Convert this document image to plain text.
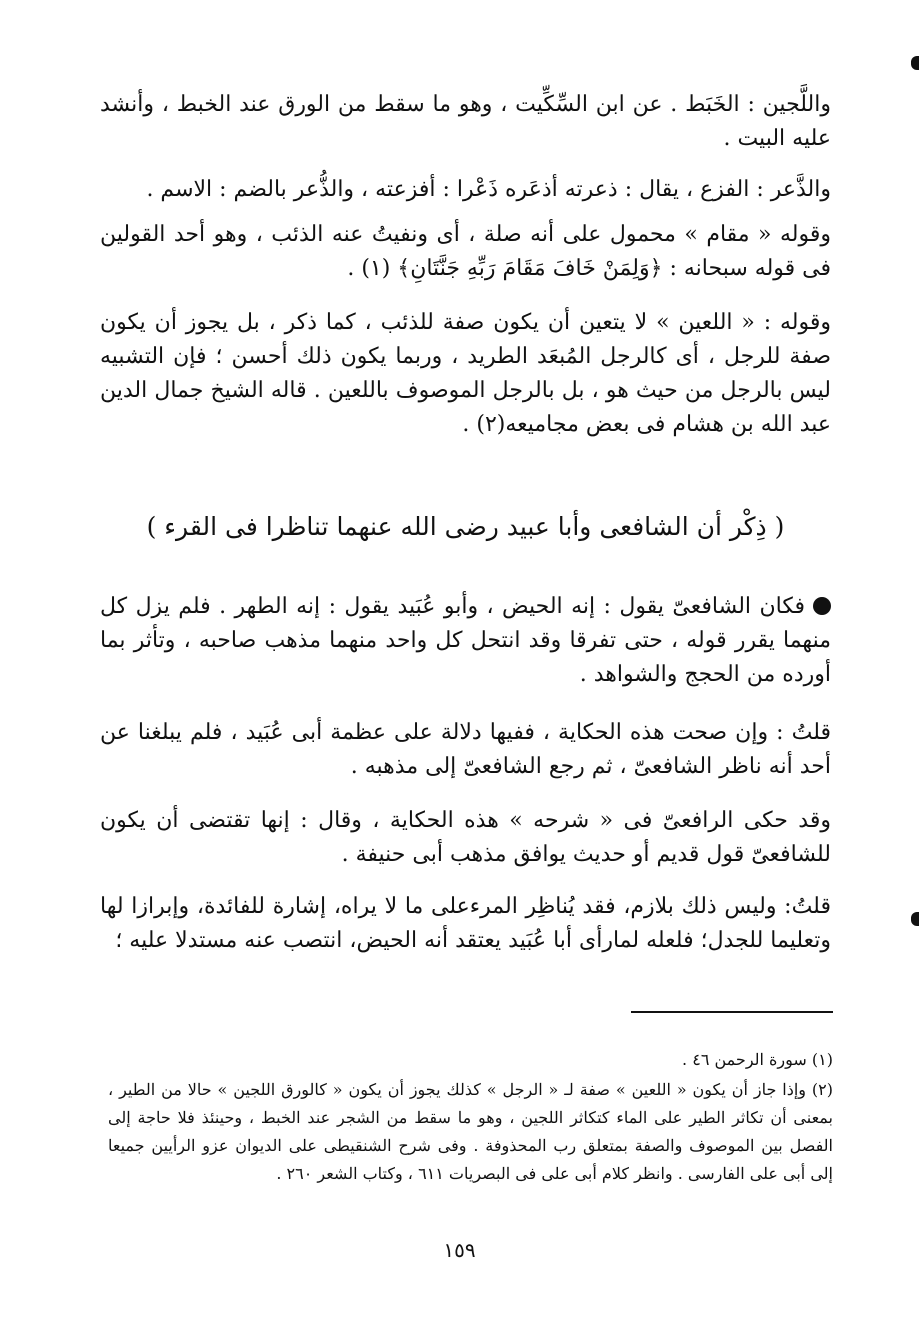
واللَّجين : الخَبَط . عن ابن السِّكِّيت ، وهو ما سقط من الورق عند الخبط ، وأنشد عليه البيت .

والذَّعر : الفزع ، يقال : ذعرته أذعَره ذَعْرا : أفزعته ، والذُّعر بالضم : الاسم .

وقوله « مقام » محمول على أنه صلة ، أى ونفيتُ عنه الذئب ، وهو أحد القولين فى قوله سبحانه : ﴿وَلِمَنْ خَافَ مَقَامَ رَبِّهِ جَنَّتَانِ﴾ (١) .

وقوله : « اللعين » لا يتعين أن يكون صفة للذئب ، كما ذكر ، بل يجوز أن يكون صفة للرجل ، أى كالرجل المُبعَد الطريد ، وربما يكون ذلك أحسن ؛ فإن التشبيه ليس بالرجل من حيث هو ، بل بالرجل الموصوف باللعين . قاله الشيخ جمال الدين عبد الله بن هشام فى بعض مجاميعه(٢) .

( ذِكْر أن الشافعى وأبا عبيد رضى الله عنهما تناظرا فى القرء )

فكان الشافعىّ يقول : إنه الحيض ، وأبو عُبَيد يقول : إنه الطهر . فلم يزل كل منهما يقرر قوله ، حتى تفرقا وقد انتحل كل واحد منهما مذهب صاحبه ، وتأثر بما أورده من الحجج والشواهد .

قلتُ : وإن صحت هذه الحكاية ، ففيها دلالة على عظمة أبى عُبَيد ، فلم يبلغنا عن أحد أنه ناظر الشافعىّ ، ثم رجع الشافعىّ إلى مذهبه .

وقد حكى الرافعىّ فى « شرحه » هذه الحكاية ، وقال : إنها تقتضى أن يكون للشافعىّ قول قديم أو حديث يوافق مذهب أبى حنيفة .

قلتُ: وليس ذلك بلازم، فقد يُناظِر المرءعلى ما لا يراه، إشارة للفائدة، وإبرازا لها وتعليما للجدل؛ فلعله لمارأى أبا عُبَيد يعتقد أنه الحيض، انتصب عنه مستدلا عليه ؛

(١) سورة الرحمن ٤٦ .

(٢) وإذا جاز أن يكون « اللعين » صفة لـ « الرجل » كذلك يجوز أن يكون « كالورق اللجين » حالا من الطير ، بمعنى أن تكاثر الطير على الماء كتكاثر اللجين ، وهو ما سقط من الشجر عند الخبط ، وحينئذ فلا حاجة إلى الفصل بين الموصوف والصفة بمتعلق رب المحذوفة . وفى شرح الشنقيطى على الديوان عزو الرأيين جميعا إلى أبى على الفارسى . وانظر كلام أبى على فى البصريات ٦١١ ، وكتاب الشعر ٢٦٠ .

١٥٩
